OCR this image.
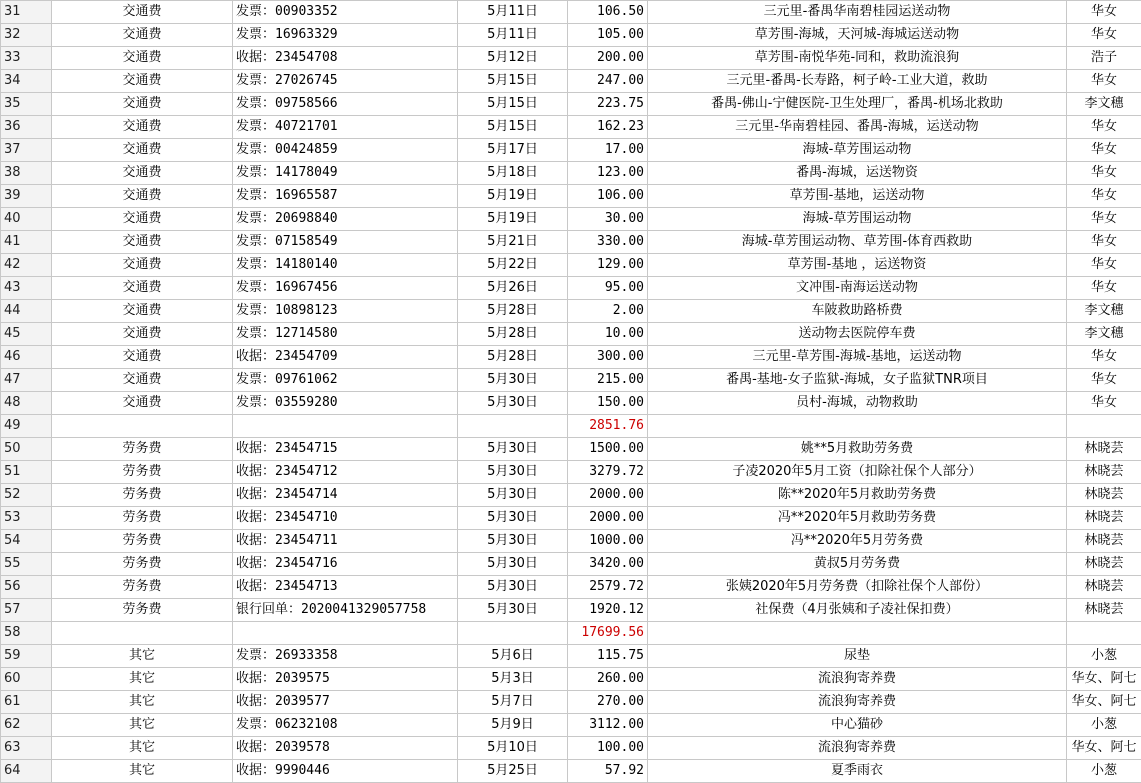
31	交通费	发票：00903352	5月11日	106.50	三元里-番禺华南碧桂园运送动物	华女
32	交通费	发票：16963329	5月11日	105.00	草芳围-海城，天河城-海城运送动物	华女
33	交通费	收据：23454708	5月12日	200.00	草芳围-南悦华苑-同和，救助流浪狗	浩子
34	交通费	发票：27026745	5月15日	247.00	三元里-番禺-长寿路，柯子岭-工业大道，救助	华女
35	交通费	发票：09758566	5月15日	223.75	番禺-佛山-宁健医院-卫生处理厂，番禺-机场北救助	李文穗
36	交通费	发票：40721701	5月15日	162.23	三元里-华南碧桂园、番禺-海城，运送动物	华女
37	交通费	发票：00424859	5月17日	17.00	海城-草芳围运动物	华女
38	交通费	发票：14178049	5月18日	123.00	番禺-海城，运送物资	华女
39	交通费	发票：16965587	5月19日	106.00	草芳围-基地，运送动物	华女
40	交通费	发票：20698840	5月19日	30.00	海城-草芳围运动物	华女
41	交通费	发票：07158549	5月21日	330.00	海城-草芳围运动物、草芳围-体育西救助	华女
42	交通费	发票：14180140	5月22日	129.00	草芳围-基地 ，运送物资	华女
43	交通费	发票：16967456	5月26日	95.00	文冲围-南海运送动物	华女
44	交通费	发票：10898123	5月28日	2.00	车陂救助路桥费	李文穗
45	交通费	发票：12714580	5月28日	10.00	送动物去医院停车费	李文穗
46	交通费	收据：23454709	5月28日	300.00	三元里-草芳围-海城-基地，运送动物	华女
47	交通费	发票：09761062	5月30日	215.00	番禺-基地-女子监狱-海城，女子监狱TNR项目	华女
48	交通费	发票：03559280	5月30日	150.00	员村-海城，动物救助	华女
49				2851.76		
50	劳务费	收据：23454715	5月30日	1500.00	姚**5月救助劳务费	林晓芸
51	劳务费	收据：23454712	5月30日	3279.72	子凌2020年5月工资（扣除社保个人部分）	林晓芸
52	劳务费	收据：23454714	5月30日	2000.00	陈**2020年5月救助劳务费	林晓芸
53	劳务费	收据：23454710	5月30日	2000.00	冯**2020年5月救助劳务费	林晓芸
54	劳务费	收据：23454711	5月30日	1000.00	冯**2020年5月劳务费	林晓芸
55	劳务费	收据：23454716	5月30日	3420.00	黄叔5月劳务费	林晓芸
56	劳务费	收据：23454713	5月30日	2579.72	张姨2020年5月劳务费（扣除社保个人部份）	林晓芸
57	劳务费	银行回单：2020041329057758	5月30日	1920.12	社保费（4月张姨和子凌社保扣费）	林晓芸
58				17699.56		
59	其它	发票：26933358	5月6日	115.75	尿垫	小葱
60	其它	收据：2039575	5月3日	260.00	流浪狗寄养费	华女、阿七
61	其它	收据：2039577	5月7日	270.00	流浪狗寄养费	华女、阿七
62	其它	发票：06232108	5月9日	3112.00	中心猫砂	小葱
63	其它	收据：2039578	5月10日	100.00	流浪狗寄养费	华女、阿七
64	其它	收据：9990446	5月25日	57.92	夏季雨衣	小葱
